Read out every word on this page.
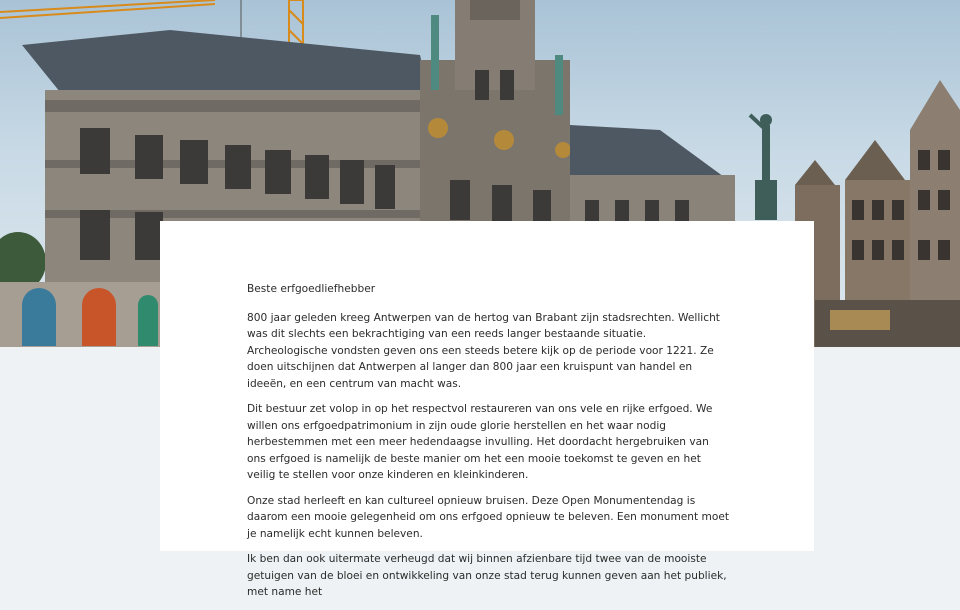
Beste erfgoedliefhebber

800 jaar geleden kreeg Antwerpen van de hertog van Brabant zijn stadsrechten. Wellicht was dit slechts een bekrachtiging van een reeds langer bestaande situatie. Archeologische vondsten geven ons een steeds betere kijk op de periode voor 1221. Ze doen uitschijnen dat Antwerpen al langer dan 800 jaar een kruispunt van handel en ideeën, en een centrum van macht was.

Dit bestuur zet volop in op het respectvol restaureren van ons vele en rijke erfgoed. We willen ons erfgoedpatrimonium in zijn oude glorie herstellen en het waar nodig herbestemmen met een meer hedendaagse invulling. Het doordacht hergebruiken van ons erfgoed is namelijk de beste manier om het een mooie toekomst te geven en het veilig te stellen voor onze kinderen en kleinkinderen.

Onze stad herleeft en kan cultureel opnieuw bruisen. Deze Open Monumentendag is daarom een mooie gelegenheid om ons erfgoed opnieuw te beleven. Een monument moet je namelijk echt kunnen beleven.

Ik ben dan ook uitermate verheugd dat wij binnen afzienbare tijd twee van de mooiste getuigen van de bloei en ontwikkeling van onze stad terug kunnen geven aan het publiek, met name het
